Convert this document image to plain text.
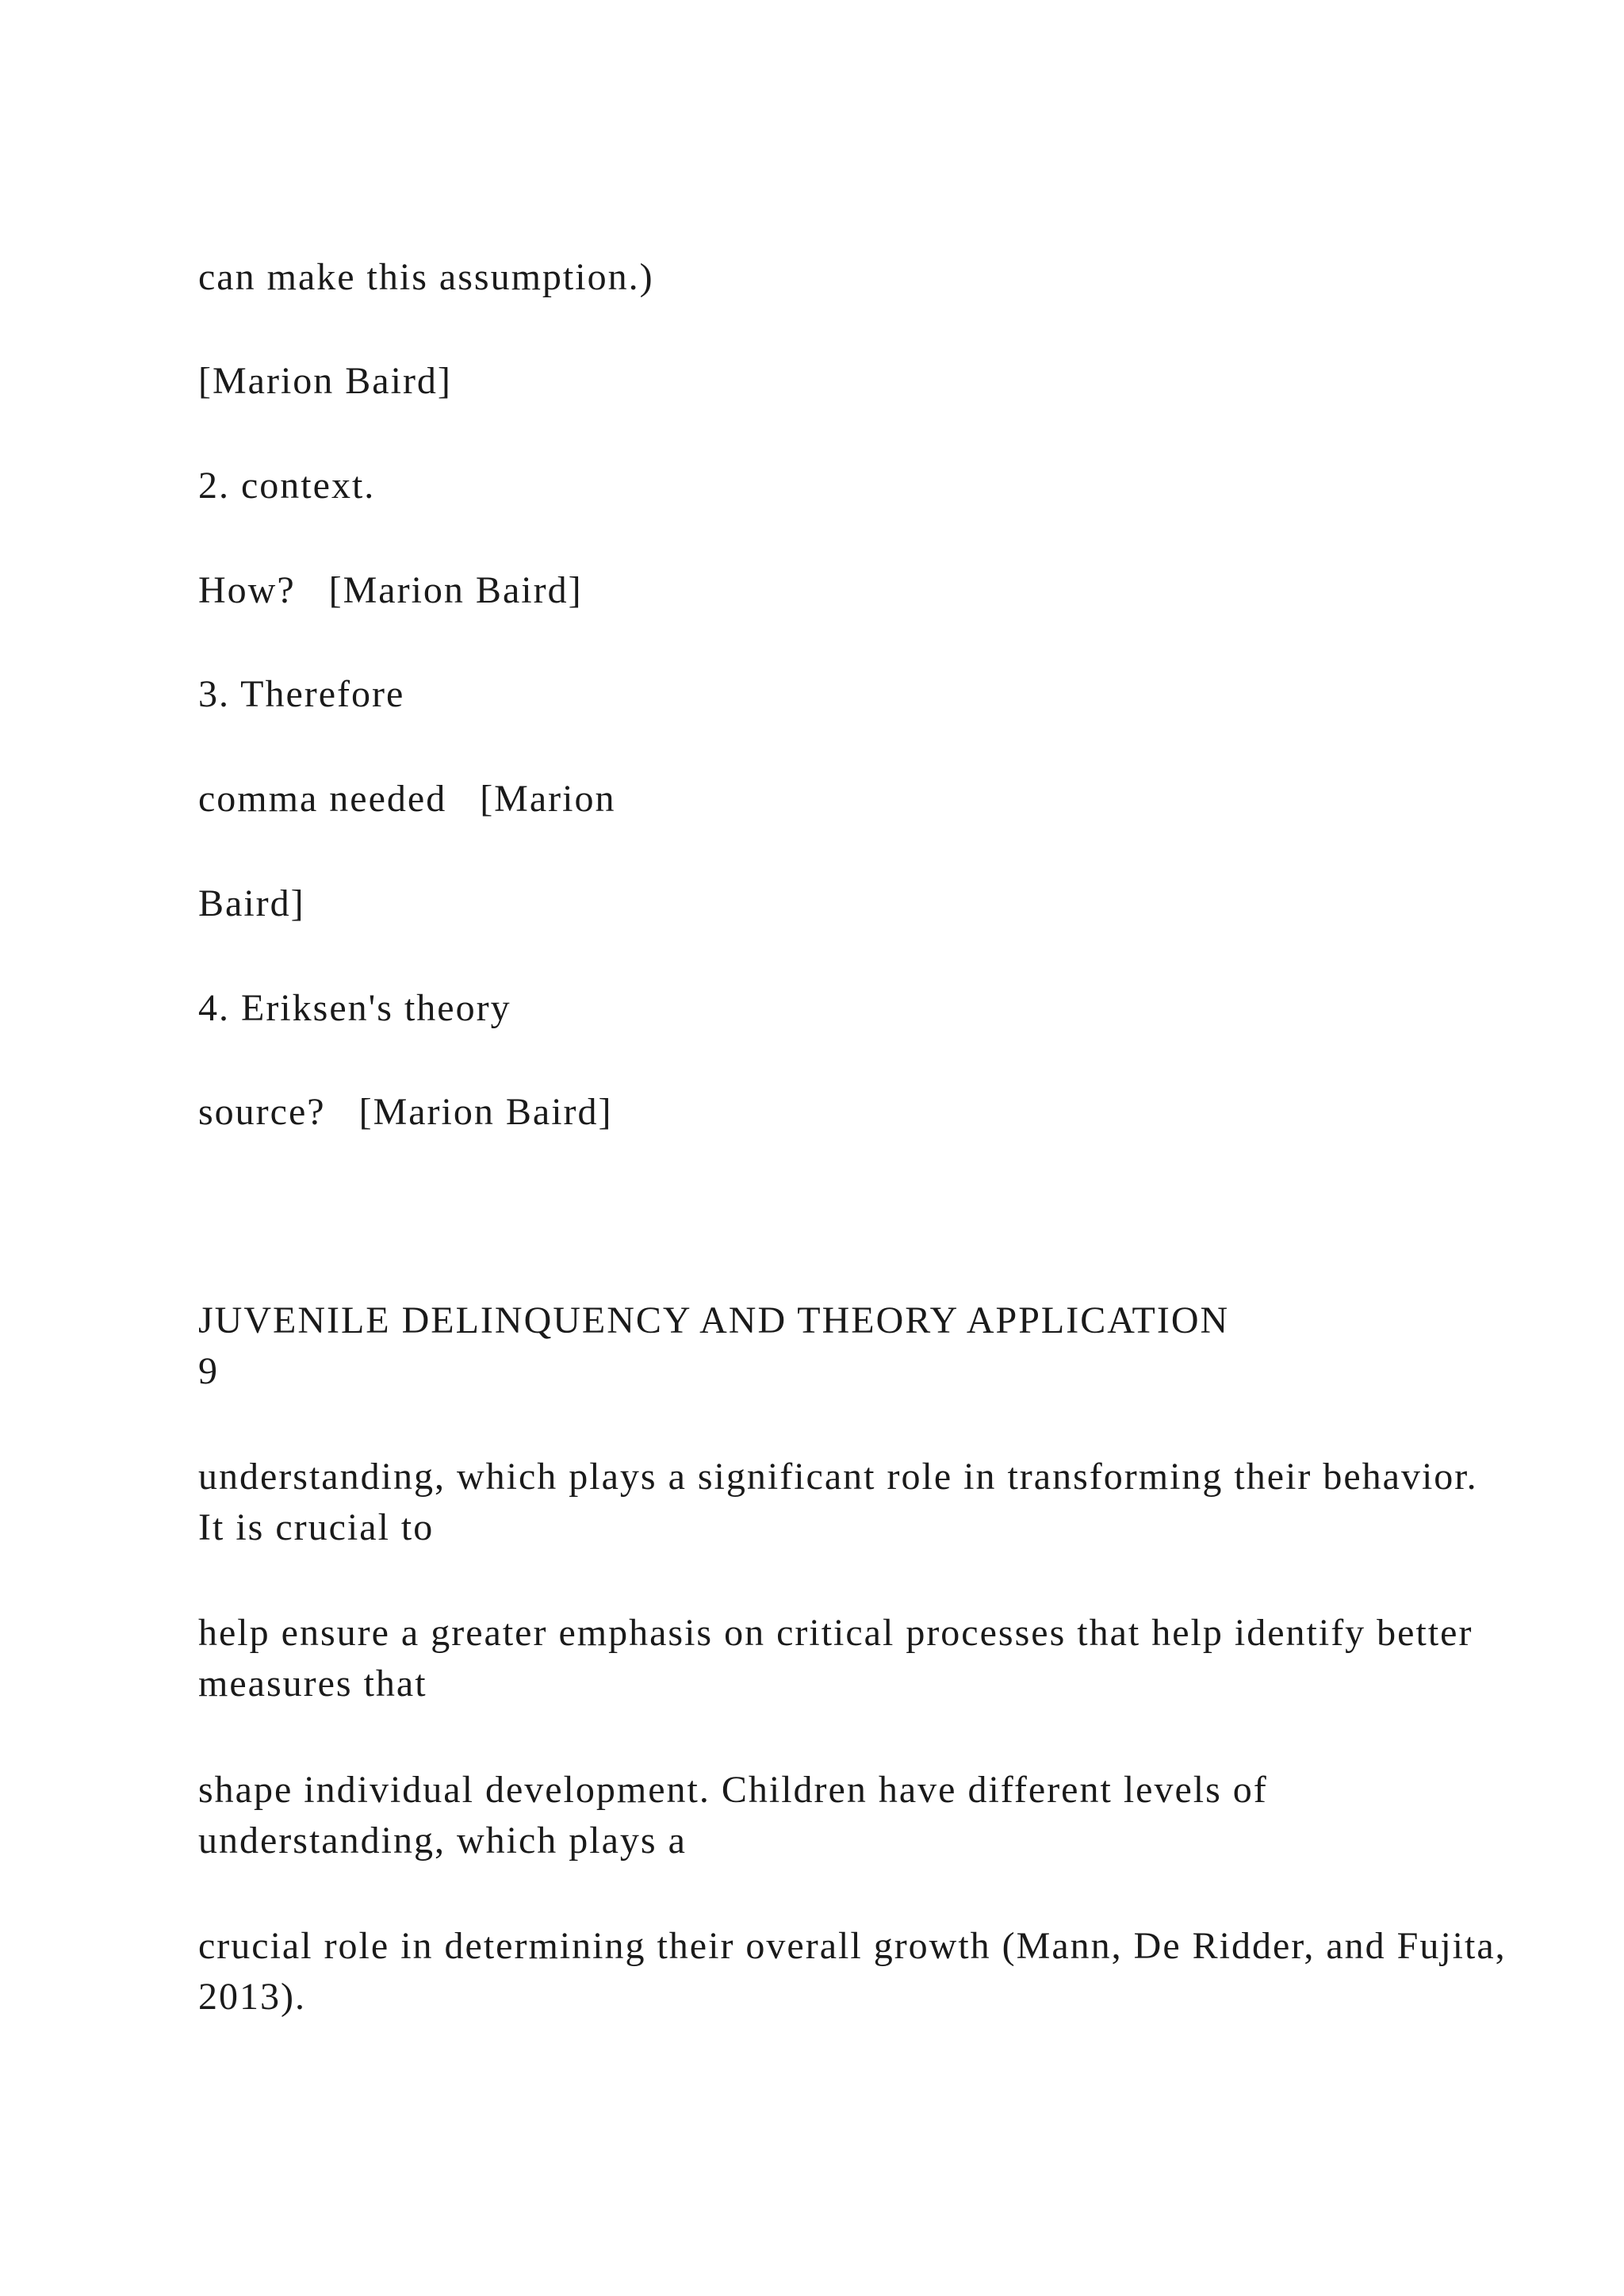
can make this assumption.)
[Marion Baird]
2. context.
How?   [Marion Baird]
3. Therefore
comma needed   [Marion
Baird]
4. Eriksen's theory
source?   [Marion Baird]
JUVENILE DELINQUENCY AND THEORY APPLICATION
9
understanding, which plays a significant role in transforming their behavior. It is crucial to
help ensure a greater emphasis on critical processes that help identify better measures that
shape individual development. Children have different levels of understanding, which plays a
crucial role in determining their overall growth (Mann, De Ridder, and Fujita, 2013).
